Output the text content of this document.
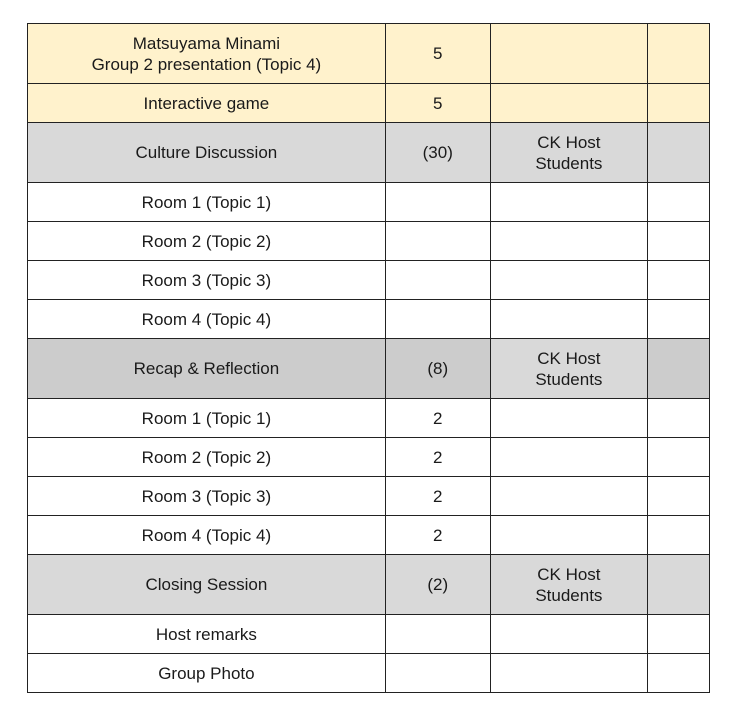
Matsuyama Minami
Group 2 presentation (Topic 4)	5		

Interactive game	5		

Culture Discussion	(30)	CK Host
Students	

Room 1 (Topic 1)			

Room 2 (Topic 2)			

Room 3 (Topic 3)			

Room 4 (Topic 4)			

Recap & Reflection	(8)	CK Host
Students	

Room 1 (Topic 1)	2		

Room 2 (Topic 2)	2		

Room 3 (Topic 3)	2		

Room 4 (Topic 4)	2		

Closing Session	(2)	CK Host
Students	

Host remarks			

Group Photo			
